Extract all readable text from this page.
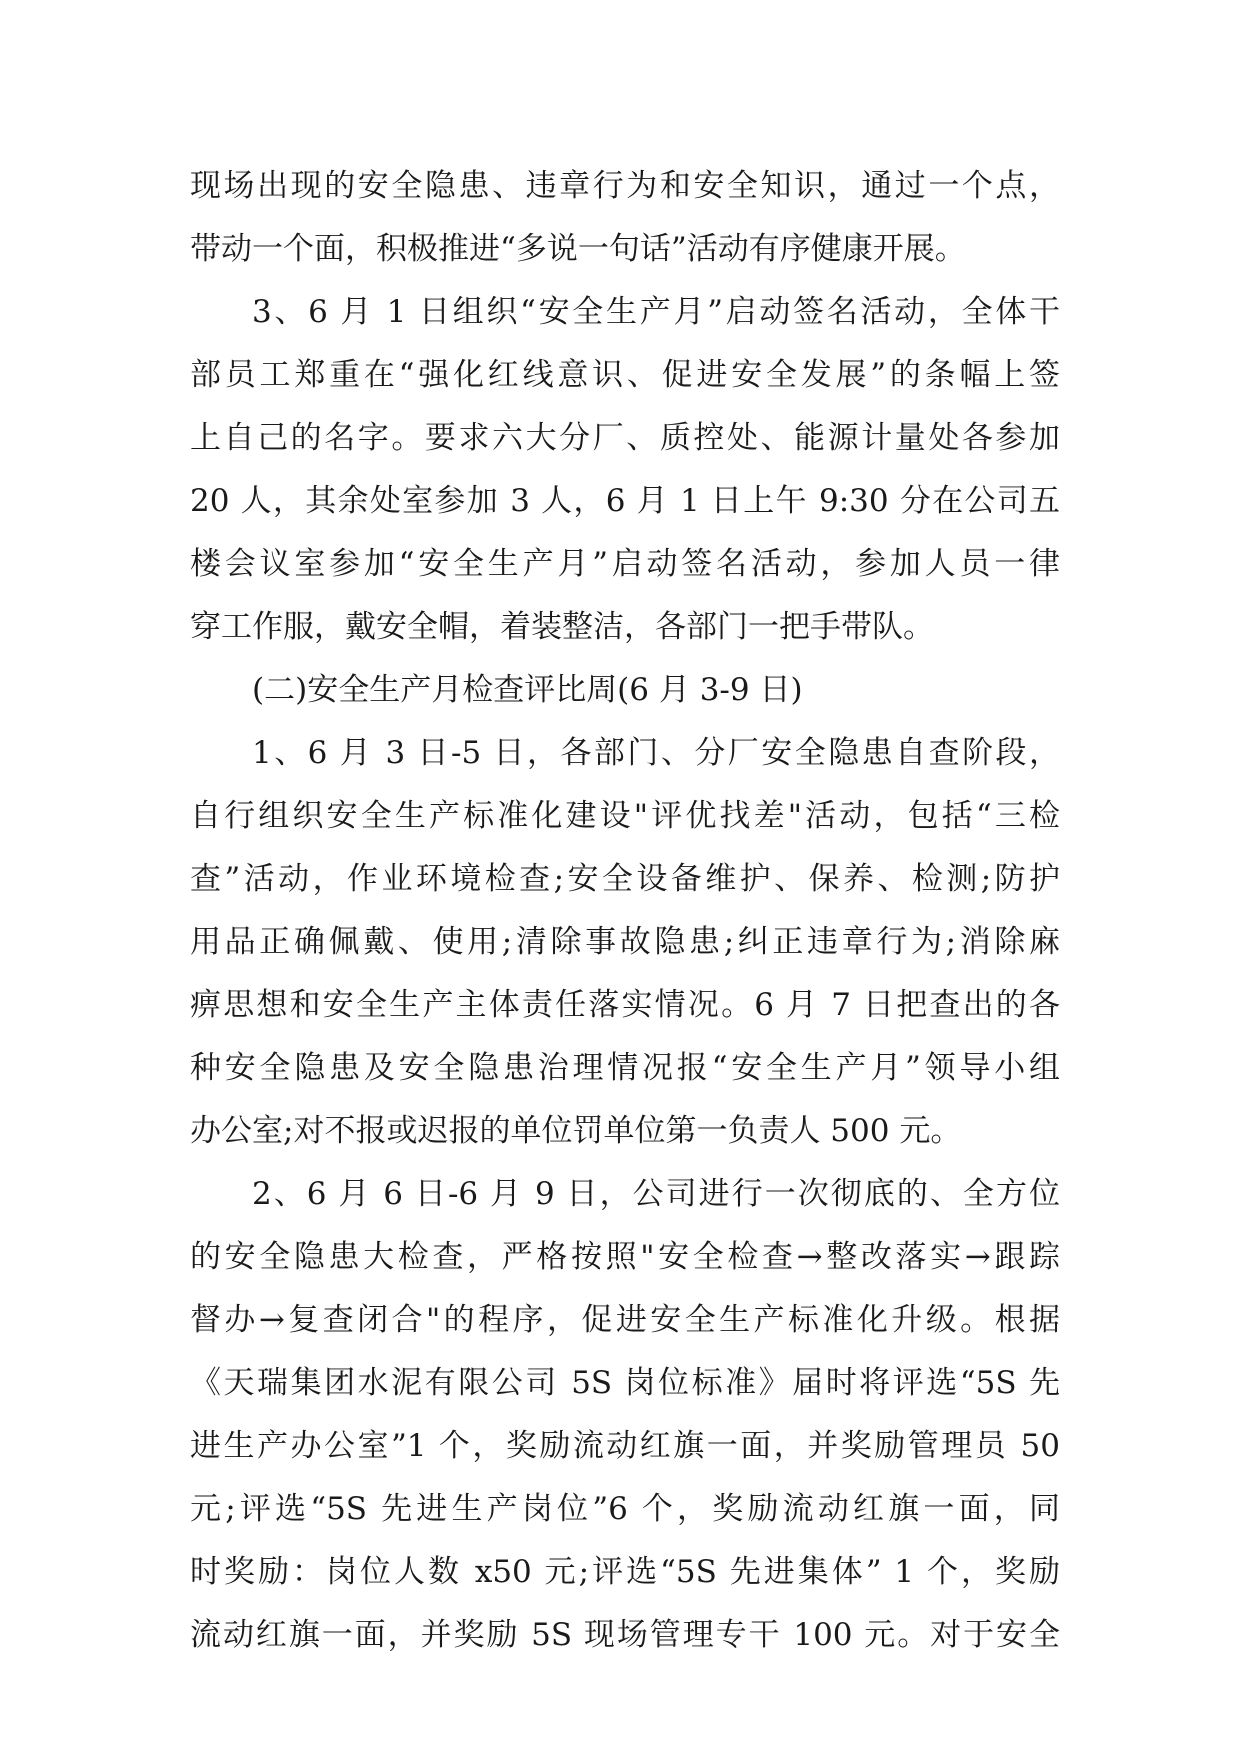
现场出现的安全隐患、违章行为和安全知识，通过一个点，
带动一个面，积极推进“多说一句话”活动有序健康开展。
3、6 月 1 日组织“安全生产月”启动签名活动，全体干
部员工郑重在“强化红线意识、促进安全发展”的条幅上签
上自己的名字。要求六大分厂、质控处、能源计量处各参加
20 人，其余处室参加 3 人，6 月 1 日上午 9:30 分在公司五
楼会议室参加“安全生产月”启动签名活动，参加人员一律
穿工作服，戴安全帽，着装整洁，各部门一把手带队。
(二)安全生产月检查评比周(6 月 3-9 日)
1、6 月 3 日-5 日，各部门、分厂安全隐患自查阶段，
自行组织安全生产标准化建设"评优找差"活动，包括“三检
查”活动，作业环境检查;安全设备维护、保养、检测;防护
用品正确佩戴、使用;清除事故隐患;纠正违章行为;消除麻
痹思想和安全生产主体责任落实情况。6 月 7 日把查出的各
种安全隐患及安全隐患治理情况报“安全生产月”领导小组
办公室;对不报或迟报的单位罚单位第一负责人 500 元。
2、6 月 6 日-6 月 9 日，公司进行一次彻底的、全方位
的安全隐患大检查，严格按照"安全检查→整改落实→跟踪
督办→复查闭合"的程序，促进安全生产标准化升级。根据
《天瑞集团水泥有限公司 5S 岗位标准》届时将评选“5S 先
进生产办公室”1 个，奖励流动红旗一面，并奖励管理员 50
元;评选“5S 先进生产岗位”6 个，奖励流动红旗一面，同
时奖励：岗位人数 x50 元;评选“5S 先进集体” 1 个，奖励
流动红旗一面，并奖励 5S 现场管理专干 100 元。对于安全
